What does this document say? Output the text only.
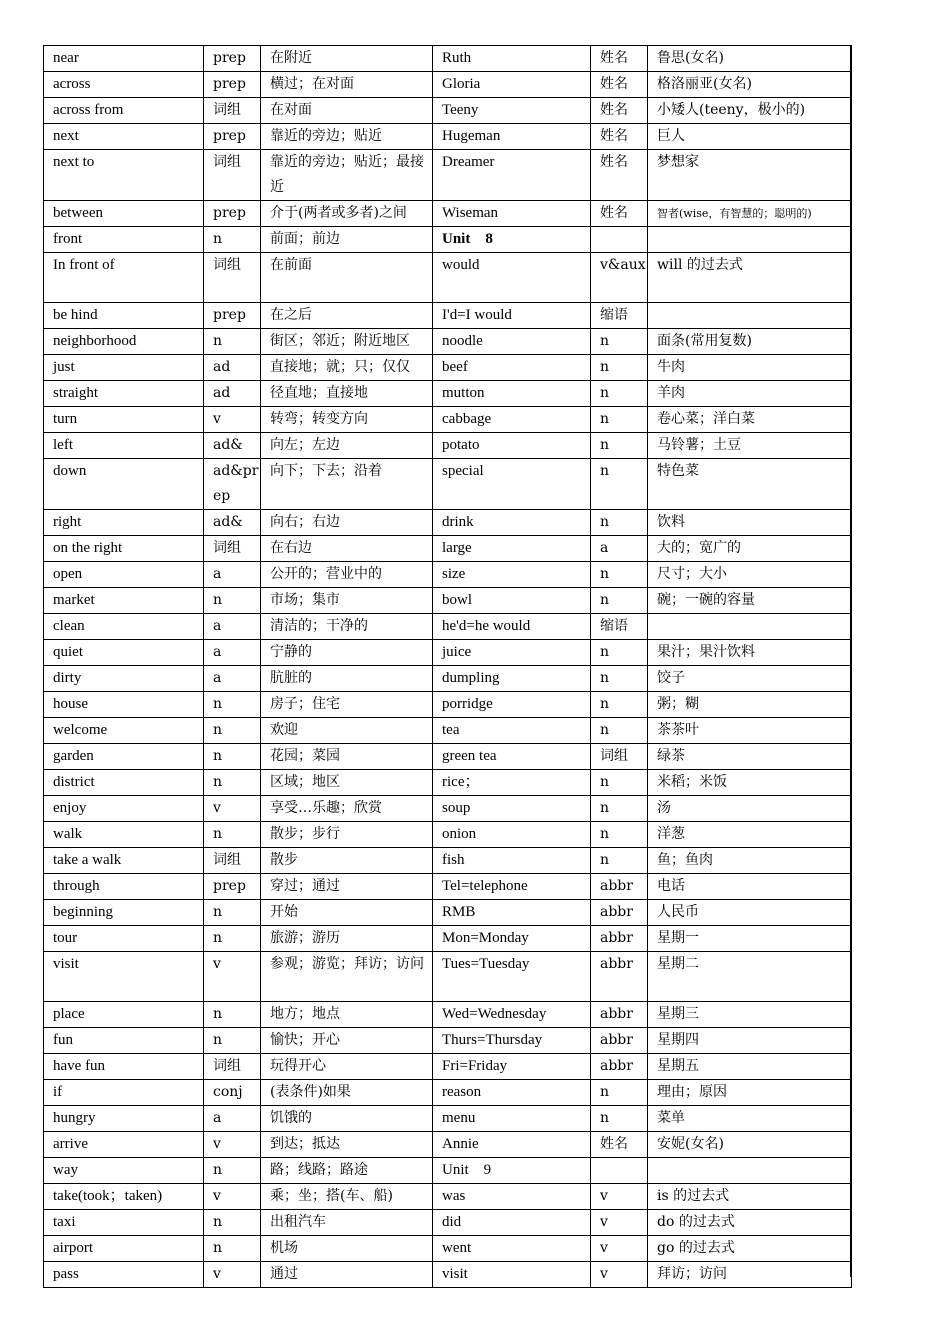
near	prep	在附近	Ruth	姓名	鲁思(女名)
across	prep	横过；在对面	Gloria	姓名	格洛丽亚(女名)
across from	词组	在对面	Teeny	姓名	小矮人(teeny，极小的)
next	prep	靠近的旁边；贴近	Hugeman	姓名	巨人
next to	词组	靠近的旁边；贴近；最接近	Dreamer	姓名	梦想家
between	prep	介于(两者或多者)之间	Wiseman	姓名	智者(wise，有智慧的；聪明的)
front	n	前面；前边	Unit　8		
In front of	词组	在前面	would	v&aux	will 的过去式
be hind	prep	在之后	I'd=I would	缩语	
neighborhood	n	街区；邻近；附近地区	noodle	n	面条(常用复数)
just	ad	直接地；就；只；仅仅	beef	n	牛肉
straight	ad	径直地；直接地	mutton	n	羊肉
turn	v	转弯；转变方向	cabbage	n	卷心菜；洋白菜
left	ad&	向左；左边	potato	n	马铃薯；土豆
down	ad&prep	向下；下去；沿着	special	n	特色菜
right	ad&	向右；右边	drink	n	饮料
on the right	词组	在右边	large	a	大的；宽广的
open	a	公开的；营业中的	size	n	尺寸；大小
market	n	市场；集市	bowl	n	碗；一碗的容量
clean	a	清洁的；干净的	he'd=he would	缩语	
quiet	a	宁静的	juice	n	果汁；果汁饮料
dirty	a	肮脏的	dumpling	n	饺子
house	n	房子；住宅	porridge	n	粥；糊
welcome	n	欢迎	tea	n	茶茶叶
garden	n	花园；菜园	green tea	词组	绿茶
district	n	区域；地区	rice；	n	米稻；米饭
enjoy	v	享受…乐趣；欣赏	soup	n	汤
walk	n	散步；步行	onion	n	洋葱
take a walk	词组	散步	fish	n	鱼；鱼肉
through	prep	穿过；通过	Tel=telephone	abbr	电话
beginning	n	开始	RMB	abbr	人民币
tour	n	旅游；游历	Mon=Monday	abbr	星期一
visit	v	参观；游览；拜访；访问	Tues=Tuesday	abbr	星期二
place	n	地方；地点	Wed=Wednesday	abbr	星期三
fun	n	愉快；开心	Thurs=Thursday	abbr	星期四
have fun	词组	玩得开心	Fri=Friday	abbr	星期五
if	conj	(表条件)如果	reason	n	理由；原因
hungry	a	饥饿的	menu	n	菜单
arrive	v	到达；抵达	Annie	姓名	安妮(女名)
way	n	路；线路；路途	Unit　9		
take(took；taken)	v	乘；坐；搭(车、船)	was	v	is 的过去式
taxi	n	出租汽车	did	v	do 的过去式
airport	n	机场	went	v	go 的过去式
pass	v	通过	visit	v	拜访；访问
